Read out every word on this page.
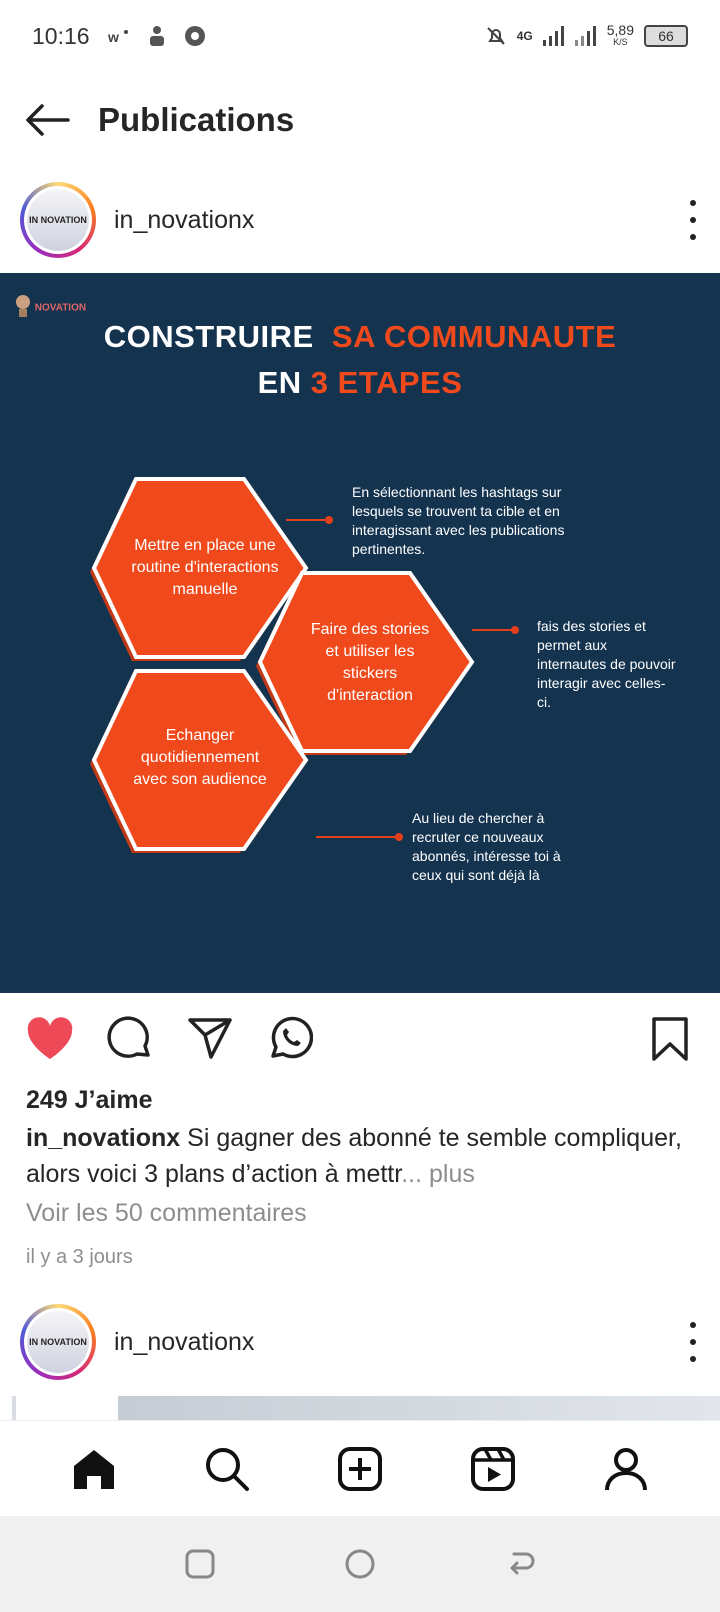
10:16 w	4G	5,89
K/S 66
Publications
IN NOVATION in_novationx
NOVATION
CONSTRUIRE SA COMMUNAUTE
EN 3 ETAPES
Mettre en place une routine d'interactions manuelle
Faire des stories et utiliser les stickers d'interaction
Echanger quotidiennement avec son audience
En sélectionnant les hashtags sur lesquels se trouvent ta cible et en interagissant avec les publications pertinentes.
fais des stories et permet aux internautes de pouvoir interagir avec celles-ci.
Au lieu de chercher à recruter ce nouveaux abonnés, intéresse toi à ceux qui sont déjà là
249 J’aime
in_novationx Si gagner des abonné te semble compliquer, alors voici 3 plans d’action à mettr... plus
Voir les 50 commentaires
il y a 3 jours
IN NOVATION in_novationx
